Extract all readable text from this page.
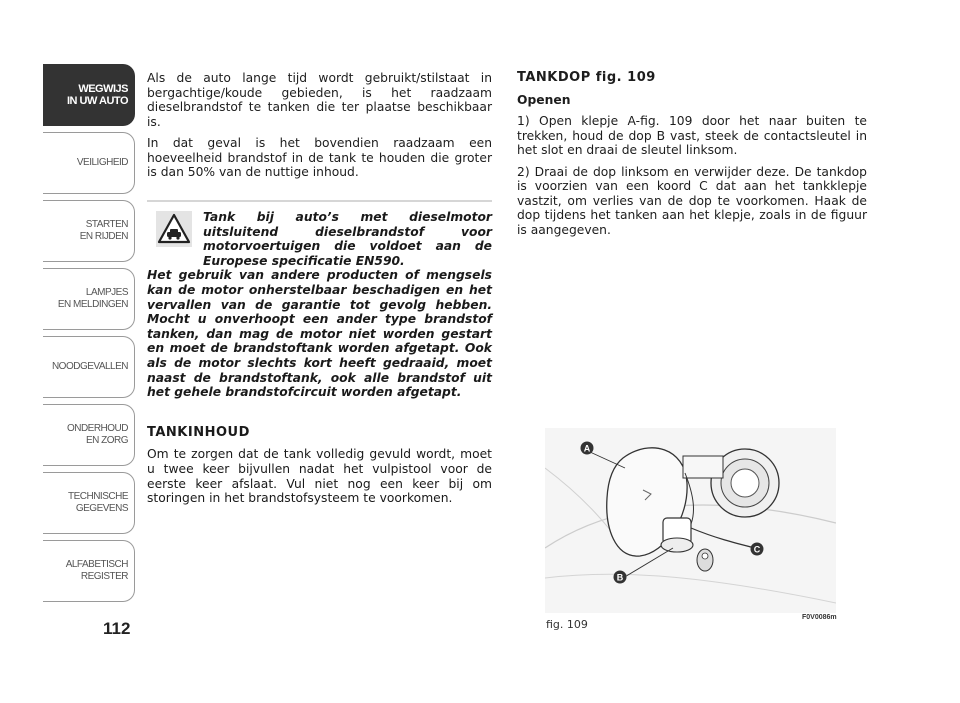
WEGWIJS
IN UW AUTO
VEILIGHEID
STARTEN
EN RIJDEN
LAMPJES
EN MELDINGEN
NOODGEVALLEN
ONDERHOUD
EN ZORG
TECHNISCHE
GEGEVENS
ALFABETISCH
REGISTER
112

Als de auto lange tijd wordt gebruikt/stilstaat in bergachtige/koude gebieden, is het raadzaam dieselbrandstof te tanken die ter plaatse beschikbaar is.

In dat geval is het bovendien raadzaam een hoeveelheid brandstof in de tank te houden die groter is dan 50% van de nuttige inhoud.

Tank bij auto’s met dieselmotor uitsluitend dieselbrandstof voor motorvoertuigen die voldoet aan de Europese specificatie EN590.
Het gebruik van andere producten of mengsels kan de motor onherstelbaar beschadigen en het vervallen van de garantie tot gevolg hebben. Mocht u onverhoopt een ander type brandstof tanken, dan mag de motor niet worden gestart en moet de brandstoftank worden afgetapt. Ook als de motor slechts kort heeft gedraaid, moet naast de brandstoftank, ook alle brandstof uit het gehele brandstofcircuit worden afgetapt.

TANKINHOUD

Om te zorgen dat de tank volledig gevuld wordt, moet u twee keer bijvullen nadat het vulpistool voor de eerste keer afslaat. Vul niet nog een keer bij om storingen in het brandstofsysteem te voorkomen.

TANKDOP fig. 109

Openen

1) Open klepje A-fig. 109 door het naar buiten te trekken, houd de dop B vast, steek de contactsleutel in het slot en draai de sleutel linksom.

2) Draai de dop linksom en verwijder deze. De tankdop is voorzien van een koord C dat aan het tankklepje vastzit, om verlies van de dop te voorkomen. Haak de dop tijdens het tanken aan het klepje, zoals in de figuur is aangegeven.

A
B
C
fig. 109
F0V0086m
